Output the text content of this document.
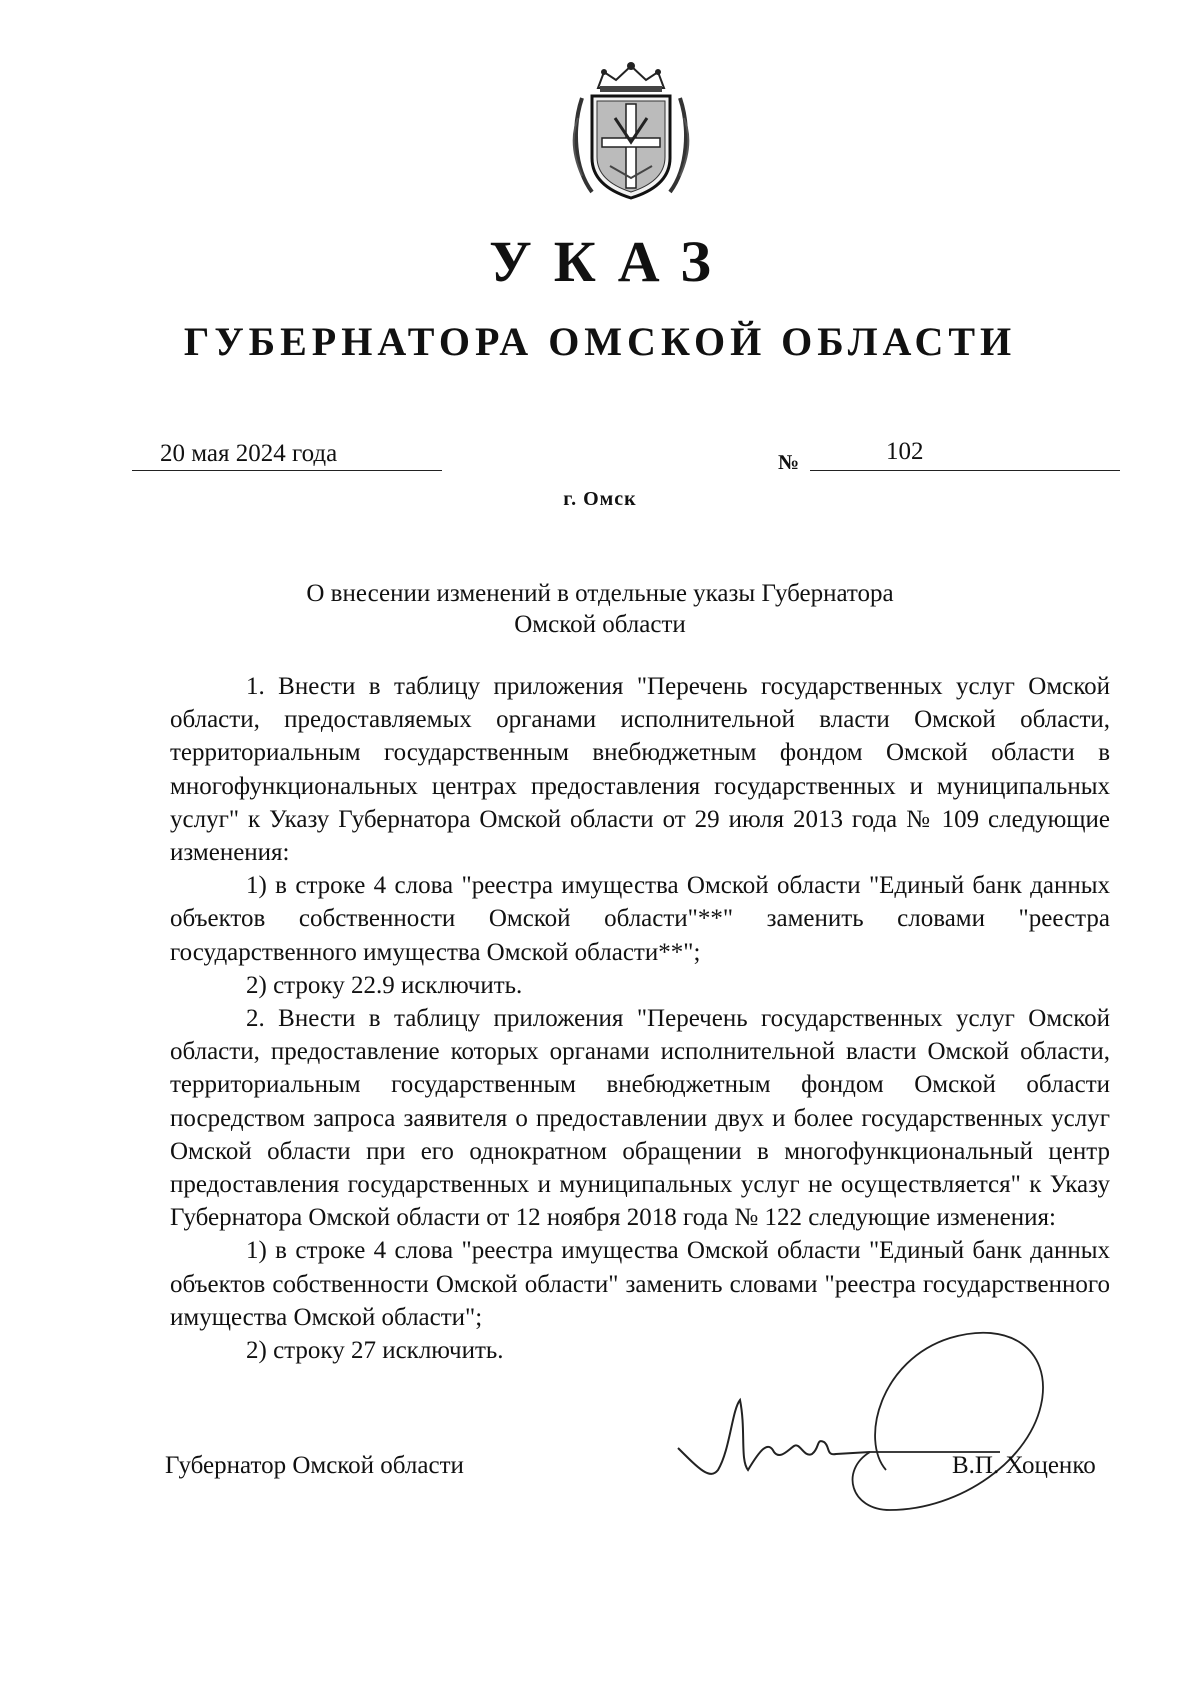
УКАЗ
ГУБЕРНАТОРА ОМСКОЙ ОБЛАСТИ
20 мая 2024 года	№	102
г. Омск
О внесении изменений в отдельные указы Губернатора
Омской области

1. Внести в таблицу приложения "Перечень государственных услуг Омской области, предоставляемых органами исполнительной власти Омской области, территориальным государственным внебюджетным фондом Омской области в многофункциональных центрах предоставления государственных и муниципальных услуг" к Указу Губернатора Омской области от 29 июля 2013 года № 109 следующие изменения:

1) в строке 4 слова "реестра имущества Омской области "Единый банк данных объектов собственности Омской области"**" заменить словами "реестра государственного имущества Омской области**";

2) строку 22.9 исключить.

2. Внести в таблицу приложения "Перечень государственных услуг Омской области, предоставление которых органами исполнительной власти Омской области, территориальным государственным внебюджетным фондом Омской области посредством запроса заявителя о предоставлении двух и более государственных услуг Омской области при его однократном обращении в многофункциональный центр предоставления государственных и муниципальных услуг не осуществляется" к Указу Губернатора Омской области от 12 ноября 2018 года № 122 следующие изменения:

1) в строке 4 слова "реестра имущества Омской области "Единый банк данных объектов собственности Омской области" заменить словами "реестра государственного имущества Омской области";

2) строку 27 исключить.

Губернатор Омской области	В.П. Хоценко
